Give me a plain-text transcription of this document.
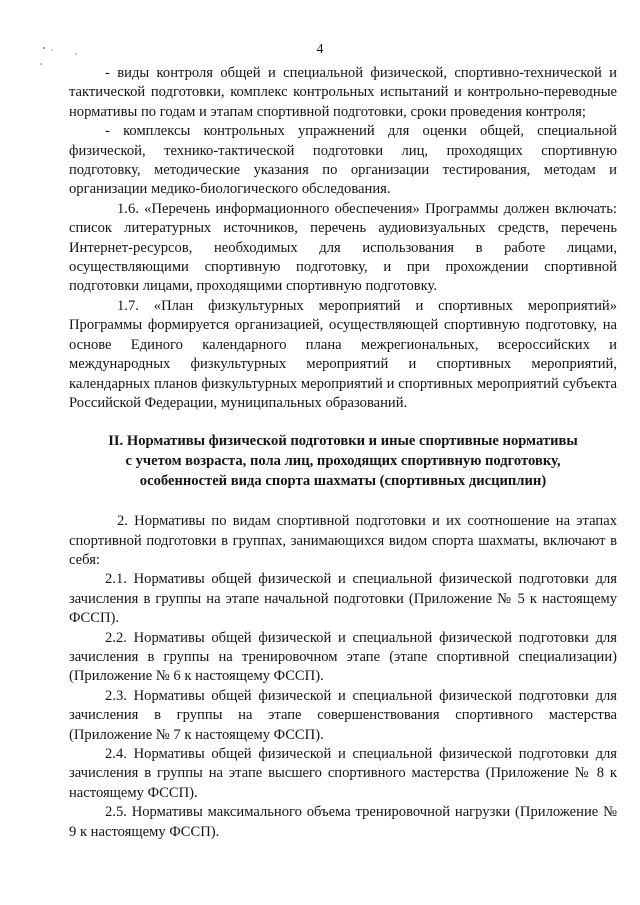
4

- виды контроля общей и специальной физической, спортивно-технической и тактической подготовки, комплекс контрольных испытаний и контрольно-переводные нормативы по годам и этапам спортивной подготовки, сроки проведения контроля;

- комплексы контрольных упражнений для оценки общей, специальной физической, технико-тактической подготовки лиц, проходящих спортивную подготовку, методические указания по организации тестирования, методам и организации медико-биологического обследования.

1.6. «Перечень информационного обеспечения» Программы должен включать: список литературных источников, перечень аудиовизуальных средств, перечень Интернет-ресурсов, необходимых для использования в работе лицами, осуществляющими спортивную подготовку, и при прохождении спортивной подготовки лицами, проходящими спортивную подготовку.

1.7. «План физкультурных мероприятий и спортивных мероприятий» Программы формируется организацией, осуществляющей спортивную подготовку, на основе Единого календарного плана межрегиональных, всероссийских и международных физкультурных мероприятий и спортивных мероприятий, календарных планов физкультурных мероприятий и спортивных мероприятий субъекта Российской Федерации, муниципальных образований.

II. Нормативы физической подготовки и иные спортивные нормативы
с учетом возраста, пола лиц, проходящих спортивную подготовку,
особенностей вида спорта шахматы (спортивных дисциплин)

2. Нормативы по видам спортивной подготовки и их соотношение на этапах спортивной подготовки в группах, занимающихся видом спорта шахматы, включают в себя:

2.1. Нормативы общей физической и специальной физической подготовки для зачисления в группы на этапе начальной подготовки (Приложение № 5 к настоящему ФССП).

2.2. Нормативы общей физической и специальной физической подготовки для зачисления в группы на тренировочном этапе (этапе спортивной специализации) (Приложение № 6 к настоящему ФССП).

2.3. Нормативы общей физической и специальной физической подготовки для зачисления в группы на этапе совершенствования спортивного мастерства (Приложение № 7 к настоящему ФССП).

2.4. Нормативы общей физической и специальной физической подготовки для зачисления в группы на этапе высшего спортивного мастерства (Приложение № 8 к настоящему ФССП).

2.5. Нормативы максимального объема тренировочной нагрузки (Приложение № 9 к настоящему ФССП).
